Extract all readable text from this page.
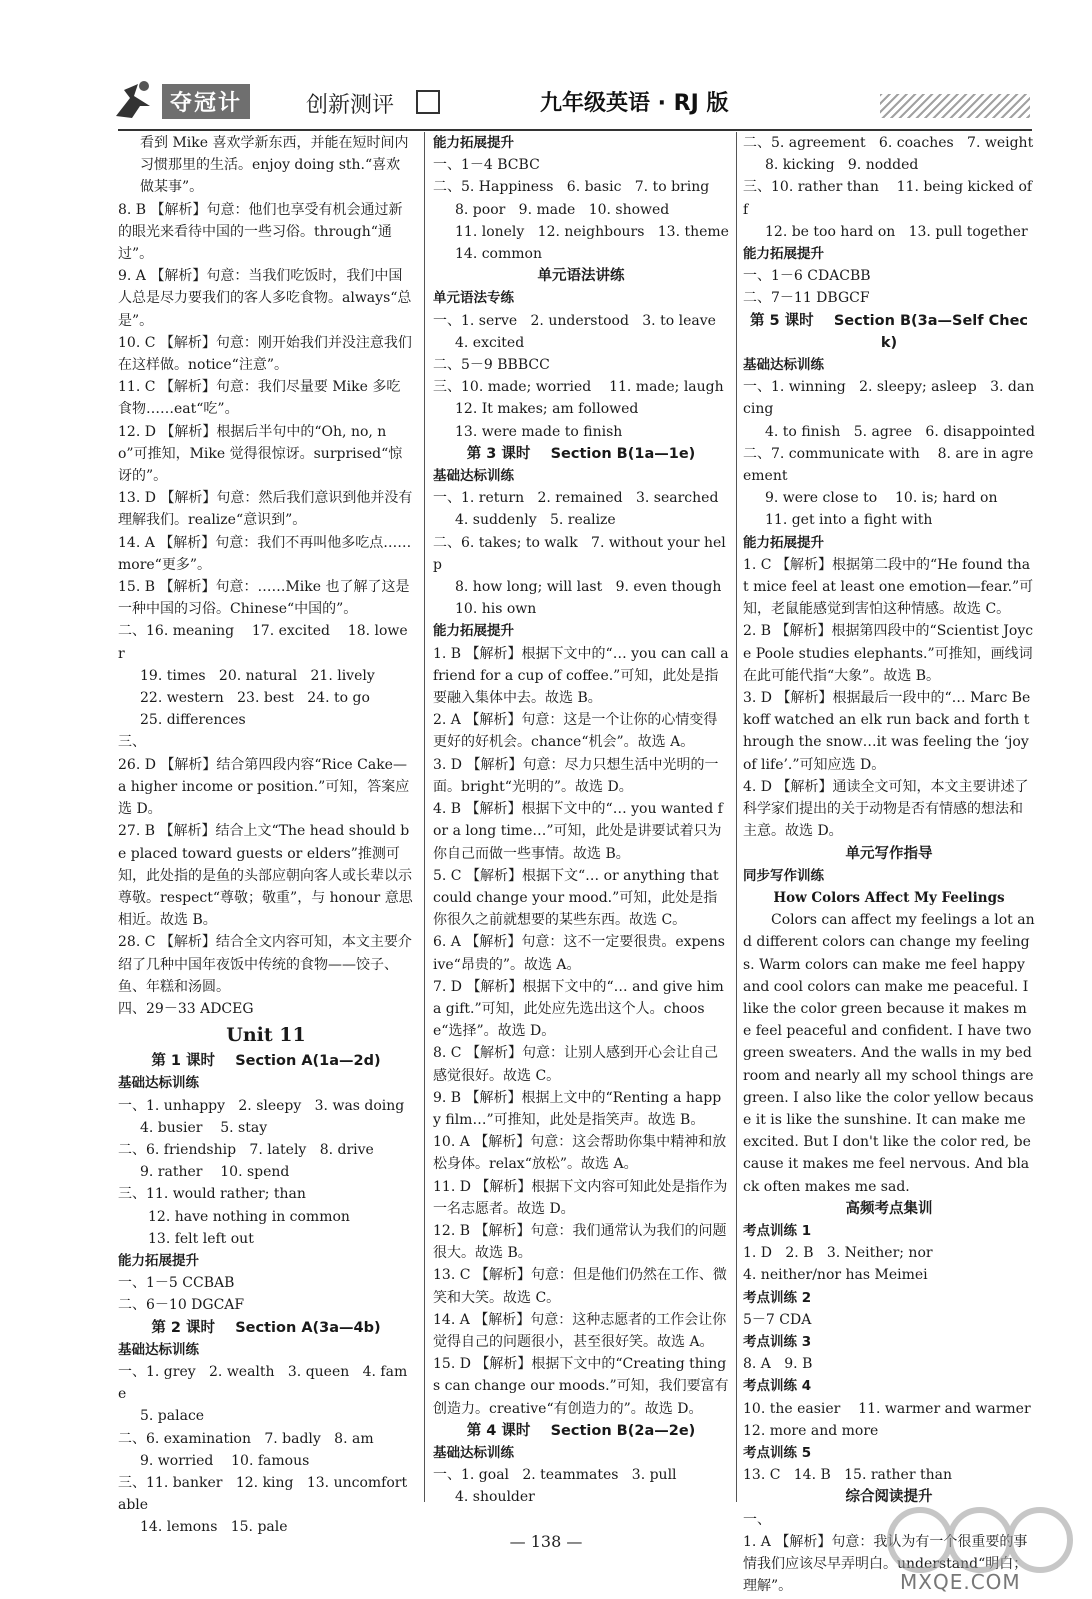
夺冠计	创新测评	九年级英语 · RJ 版
看到 Mike 喜欢学新东西，并能在短时间内习惯那里的生活。enjoy doing sth.“喜欢做某事”。
8. B 【解析】句意：他们也享受有机会通过新的眼光来看待中国的一些习俗。through“通过”。
9. A 【解析】句意：当我们吃饭时，我们中国人总是尽力要我们的客人多吃食物。always“总是”。
10. C 【解析】句意：刚开始我们并没注意我们在这样做。notice“注意”。
11. C 【解析】句意：我们尽量要 Mike 多吃食物……eat“吃”。
12. D 【解析】根据后半句中的“Oh, no, no”可推知，Mike 觉得很惊讶。surprised“惊讶的”。
13. D 【解析】句意：然后我们意识到他并没有理解我们。realize“意识到”。
14. A 【解析】句意：我们不再叫他多吃点……more“更多”。
15. B 【解析】句意：……Mike 也了解了这是一种中国的习俗。Chinese“中国的”。
二、16. meaning    17. excited    18. lower
19. times   20. natural   21. lively
22. western   23. best   24. to go
25. differences
三、
26. D 【解析】结合第四段内容“Rice Cake—a higher income or position.”可知，答案应选 D。
27. B 【解析】结合上文“The head should be placed toward guests or elders”推测可知，此处指的是鱼的头部应朝向客人或长辈以示尊敬。respect“尊敬；敬重”，与 honour 意思相近。故选 B。
28. C 【解析】结合全文内容可知，本文主要介绍了几种中国年夜饭中传统的食物——饺子、鱼、年糕和汤圆。
四、29－33 ADCEG
Unit 11
第 1 课时    Section A(1a—2d)
基础达标训练
一、1. unhappy   2. sleepy   3. was doing
4. busier    5. stay
二、6. friendship   7. lately   8. drive
9. rather    10. spend
三、11. would rather; than
12. have nothing in common
13. felt left out
能力拓展提升
一、1－5 CCBAB
二、6－10 DGCAF
第 2 课时    Section A(3a—4b)
基础达标训练
一、1. grey   2. wealth   3. queen   4. fame
5. palace
二、6. examination   7. badly   8. am
9. worried    10. famous
三、11. banker   12. king   13. uncomfortable
14. lemons   15. pale
能力拓展提升
一、1－4 BCBC
二、5. Happiness   6. basic   7. to bring
8. poor   9. made   10. showed
11. lonely   12. neighbours   13. theme
14. common
单元语法讲练
单元语法专练
一、1. serve   2. understood   3. to leave
4. excited
二、5－9 BBBCC
三、10. made; worried    11. made; laugh
12. It makes; am followed
13. were made to finish
第 3 课时    Section B(1a—1e)
基础达标训练
一、1. return   2. remained   3. searched
4. suddenly   5. realize
二、6. takes; to walk   7. without your help
8. how long; will last   9. even though
10. his own
能力拓展提升
1. B 【解析】根据下文中的“… you can call a friend for a cup of coffee.”可知，此处是指要融入集体中去。故选 B。
2. A 【解析】句意：这是一个让你的心情变得更好的好机会。chance“机会”。故选 A。
3. D 【解析】句意：尽力只想生活中光明的一面。bright“光明的”。故选 D。
4. B 【解析】根据下文中的“… you wanted for a long time…”可知，此处是讲要试着只为你自己而做一些事情。故选 B。
5. C 【解析】根据下文“… or anything that could change your mood.”可知，此处是指你很久之前就想要的某些东西。故选 C。
6. A 【解析】句意：这不一定要很贵。expensive“昂贵的”。故选 A。
7. D 【解析】根据下文中的“… and give him a gift.”可知，此处应先选出这个人。choose“选择”。故选 D。
8. C 【解析】句意：让别人感到开心会让自己感觉很好。故选 C。
9. B 【解析】根据上文中的“Renting a happy film…”可推知，此处是指笑声。故选 B。
10. A 【解析】句意：这会帮助你集中精神和放松身体。relax“放松”。故选 A。
11. D 【解析】根据下文内容可知此处是指作为一名志愿者。故选 D。
12. B 【解析】句意：我们通常认为我们的问题很大。故选 B。
13. C 【解析】句意：但是他们仍然在工作、微笑和大笑。故选 C。
14. A 【解析】句意：这种志愿者的工作会让你觉得自己的问题很小，甚至很好笑。故选 A。
15. D 【解析】根据下文中的“Creating things can change our moods.”可知，我们要富有创造力。creative“有创造力的”。故选 D。
第 4 课时    Section B(2a—2e)
基础达标训练
一、1. goal   2. teammates   3. pull
4. shoulder
二、5. agreement   6. coaches   7. weight
8. kicking   9. nodded
三、10. rather than    11. being kicked off
12. be too hard on   13. pull together
能力拓展提升
一、1－6 CDACBB
二、7－11 DBGCF
第 5 课时    Section B(3a—Self Check)
基础达标训练
一、1. winning   2. sleepy; asleep   3. dancing
4. to finish   5. agree   6. disappointed
二、7. communicate with    8. are in agreement
9. were close to    10. is; hard on
11. get into a fight with
能力拓展提升
1. C 【解析】根据第二段中的“He found that mice feel at least one emotion—fear.”可知，老鼠能感觉到害怕这种情感。故选 C。
2. B 【解析】根据第四段中的“Scientist Joyce Poole studies elephants.”可推知，画线词在此可能代指“大象”。故选 B。
3. D 【解析】根据最后一段中的“… Marc Bekoff watched an elk run back and forth through the snow…it was feeling the ‘joy of life’.”可知应选 D。
4. D 【解析】通读全文可知，本文主要讲述了科学家们提出的关于动物是否有情感的想法和主意。故选 D。
单元写作指导
同步写作训练
How Colors Affect My Feelings
Colors can affect my feelings a lot and different colors can change my feelings. Warm colors can make me feel happy and cool colors can make me peaceful. I like the color green because it makes me feel peaceful and confident. I have two green sweaters. And the walls in my bedroom and nearly all my school things are green. I also like the color yellow because it is like the sunshine. It can make me excited. But I don't like the color red, because it makes me feel nervous. And black often makes me sad.
高频考点集训
考点训练 1
1. D   2. B   3. Neither; nor
4. neither/nor has Meimei
考点训练 2
5－7 CDA
考点训练 3
8. A   9. B
考点训练 4
10. the easier    11. warmer and warmer
12. more and more
考点训练 5
13. C   14. B   15. rather than
综合阅读提升
一、
1. A 【解析】句意：我认为有一个很重要的事情我们应该尽早弄明白。understand“明白；理解”。
— 138 —
MXQE.COM
